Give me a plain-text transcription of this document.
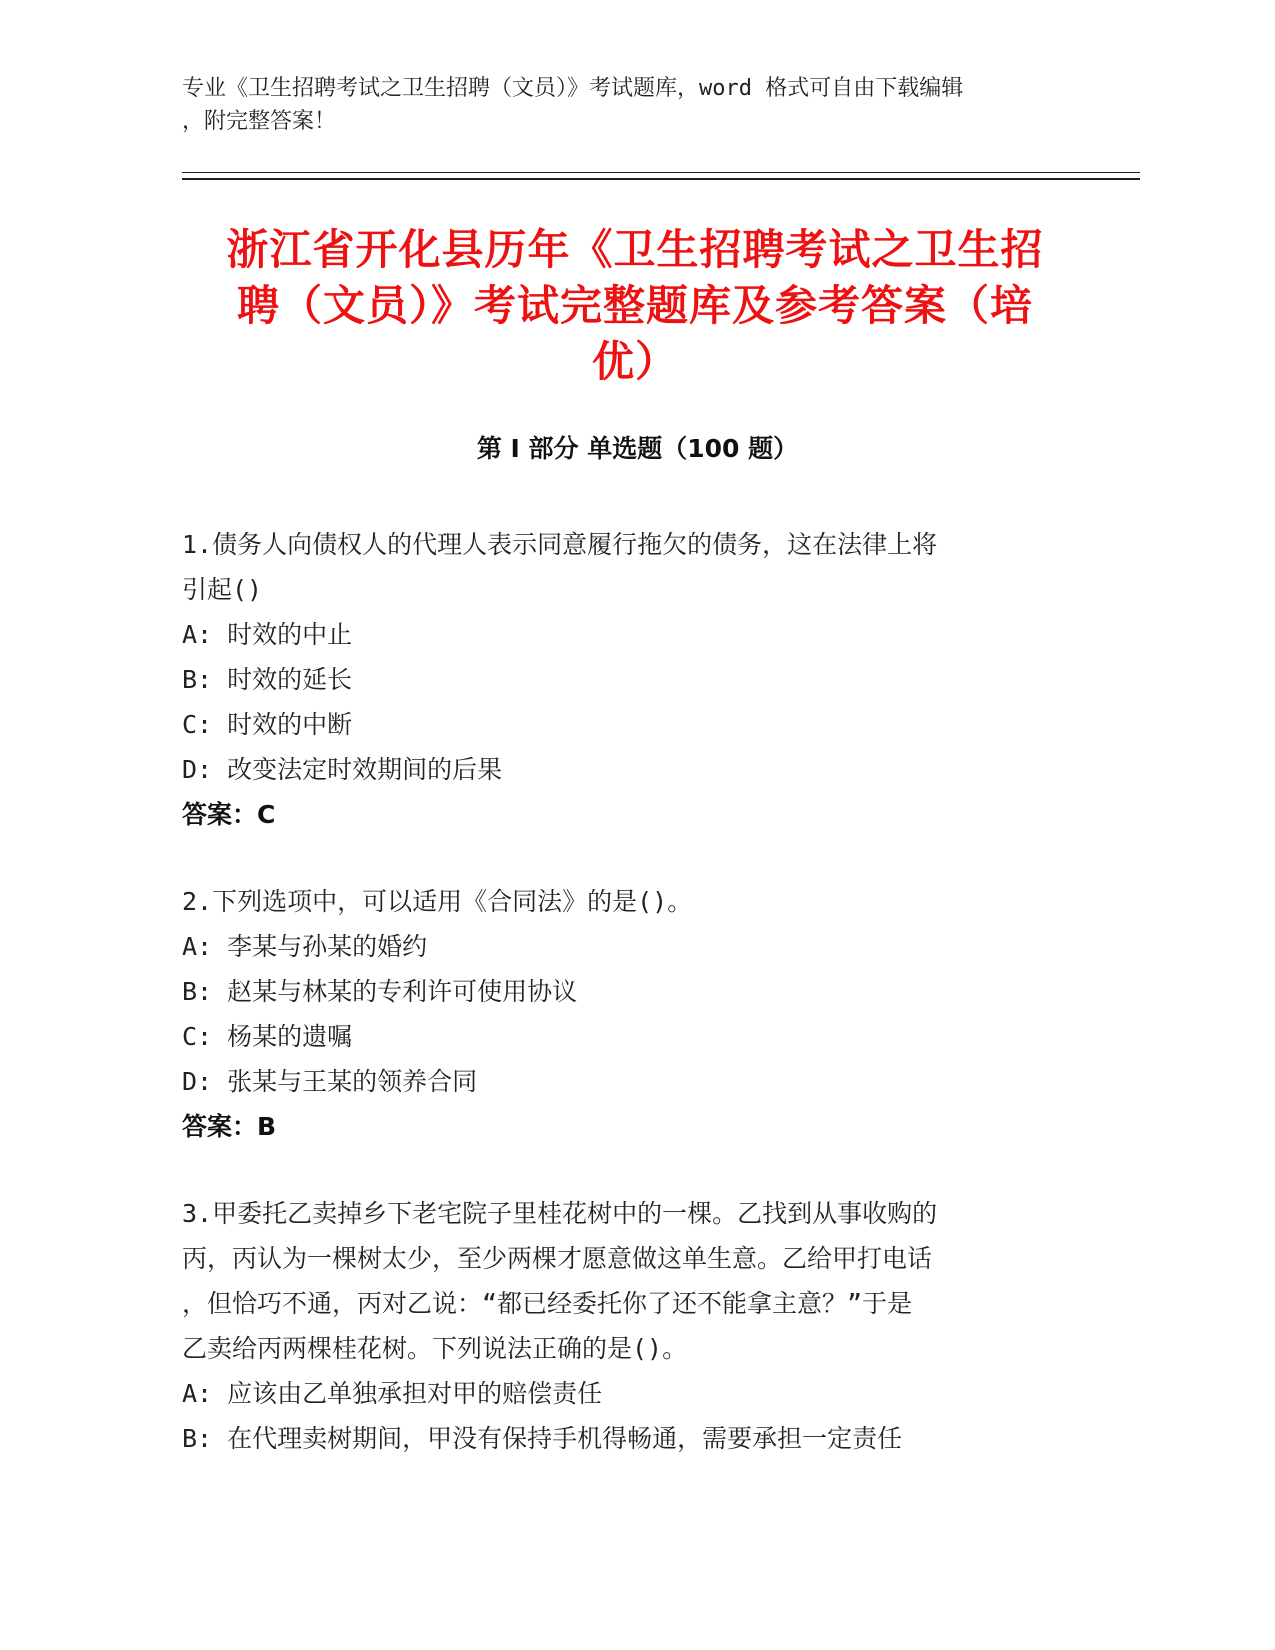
专业《卫生招聘考试之卫生招聘（文员）》考试题库，word 格式可自由下载编辑
，附完整答案！
浙江省开化县历年《卫生招聘考试之卫生招
聘（文员）》考试完整题库及参考答案（培
优）
第 I 部分 单选题（100 题）
1.债务人向债权人的代理人表示同意履行拖欠的债务，这在法律上将
引起()
A: 时效的中止
B: 时效的延长
C: 时效的中断
D: 改变法定时效期间的后果
答案：C
2.下列选项中，可以适用《合同法》的是()。
A: 李某与孙某的婚约
B: 赵某与林某的专利许可使用协议
C: 杨某的遗嘱
D: 张某与王某的领养合同
答案：B
3.甲委托乙卖掉乡下老宅院子里桂花树中的一棵。乙找到从事收购的
丙，丙认为一棵树太少，至少两棵才愿意做这单生意。乙给甲打电话
，但恰巧不通，丙对乙说：“都已经委托你了还不能拿主意？”于是
乙卖给丙两棵桂花树。下列说法正确的是()。
A: 应该由乙单独承担对甲的赔偿责任
B: 在代理卖树期间，甲没有保持手机得畅通，需要承担一定责任
